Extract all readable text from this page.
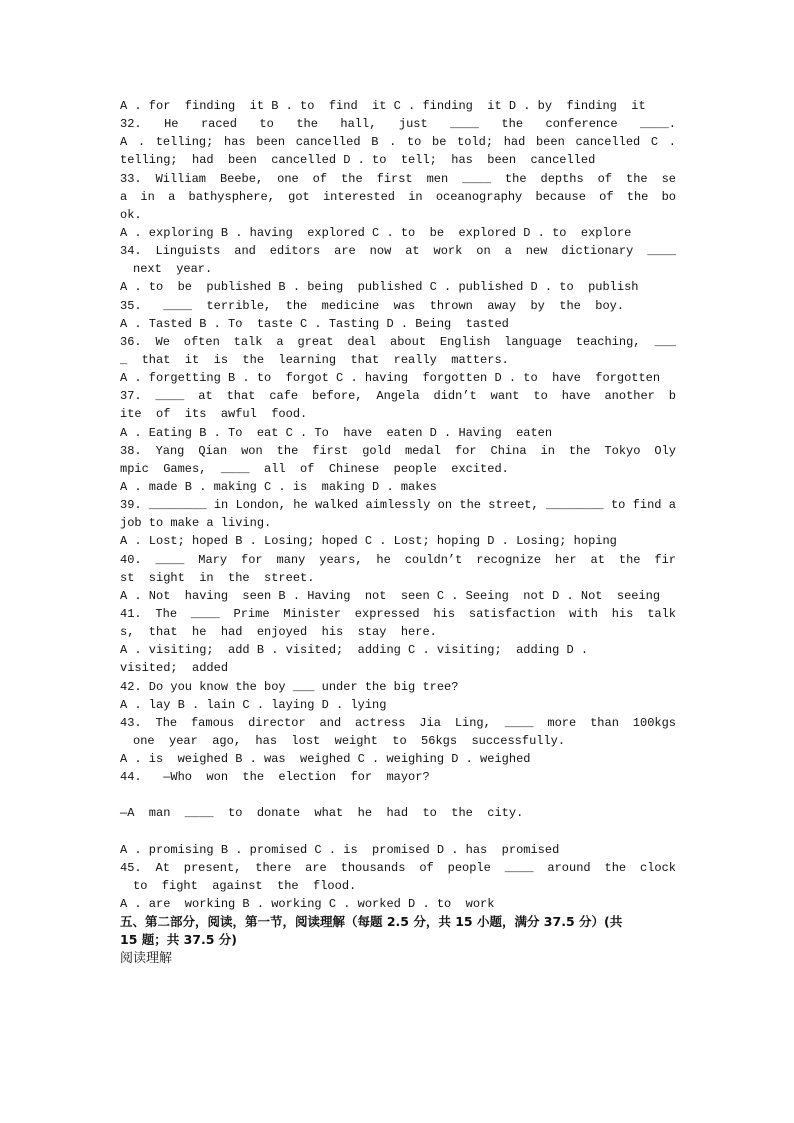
A . for  finding  it B . to  find  it C . finding  it D . by  finding  it
32. He raced to the hall, just ____ the conference ____.
A . telling; has been cancelled B . to be told; had been cancelled C .
telling;  had  been  cancelled D . to  tell;  has  been  cancelled
33. William Beebe, one of the first men ____ the depths of the se
a in a bathysphere, got interested in oceanography because of the bo
ok.
A . exploring B . having  explored C . to  be  explored D . to  explore
34. Linguists and editors are now at work on a new dictionary ____
next  year.
A . to  be  published B . being  published C . published D . to  publish
35.   ____  terrible,  the  medicine  was  thrown  away  by  the  boy.
A . Tasted B . To  taste C . Tasting D . Being  tasted
36. We often talk a great deal about English language teaching, ___
_  that  it  is  the  learning  that  really  matters.
A . forgetting B . to  forgot C . having  forgotten D . to  have  forgotten
37. ____ at that cafe before, Angela didn’t want to have another b
ite  of  its  awful  food.
A . Eating B . To  eat C . To  have  eaten D . Having  eaten
38. Yang Qian won the first gold medal for China in the Tokyo Oly
mpic  Games,  ____  all  of  Chinese  people  excited.
A . made B . making C . is  making D . makes
39. ________ in London, he walked aimlessly on the street, ________ to find a
job to make a living.
A . Lost; hoped B . Losing; hoped C . Lost; hoping D . Losing; hoping
40. ____ Mary for many years, he couldn’t recognize her at the fir
st  sight  in  the  street.
A . Not  having  seen B . Having  not  seen C . Seeing  not D . Not  seeing
41. The ____ Prime Minister expressed his satisfaction with his talk
s,  that  he  had  enjoyed  his  stay  here.
A . visiting;  add B . visited;  adding C . visiting;  adding D .
visited;  added
42. Do you know the boy ___ under the big tree?
A . lay B . lain C . laying D . lying
43. The famous director and actress Jia Ling, ____ more than 100kgs
one  year  ago,  has  lost  weight  to  56kgs  successfully.
A . is  weighed B . was  weighed C . weighing D . weighed
44.   —Who  won  the  election  for  mayor?
—A  man  ____  to  donate  what  he  had  to  the  city.
A . promising B . promised C . is  promised D . has  promised
45. At present, there are thousands of people ____ around the clock
to  fight  against  the  flood.
A . are  working B . working C . worked D . to  work
五、第二部分，阅读，第一节，阅读理解（每题 2.5 分，共 15 小题，满分 37.5 分）(共
15 题；共 37.5 分)
阅读理解
